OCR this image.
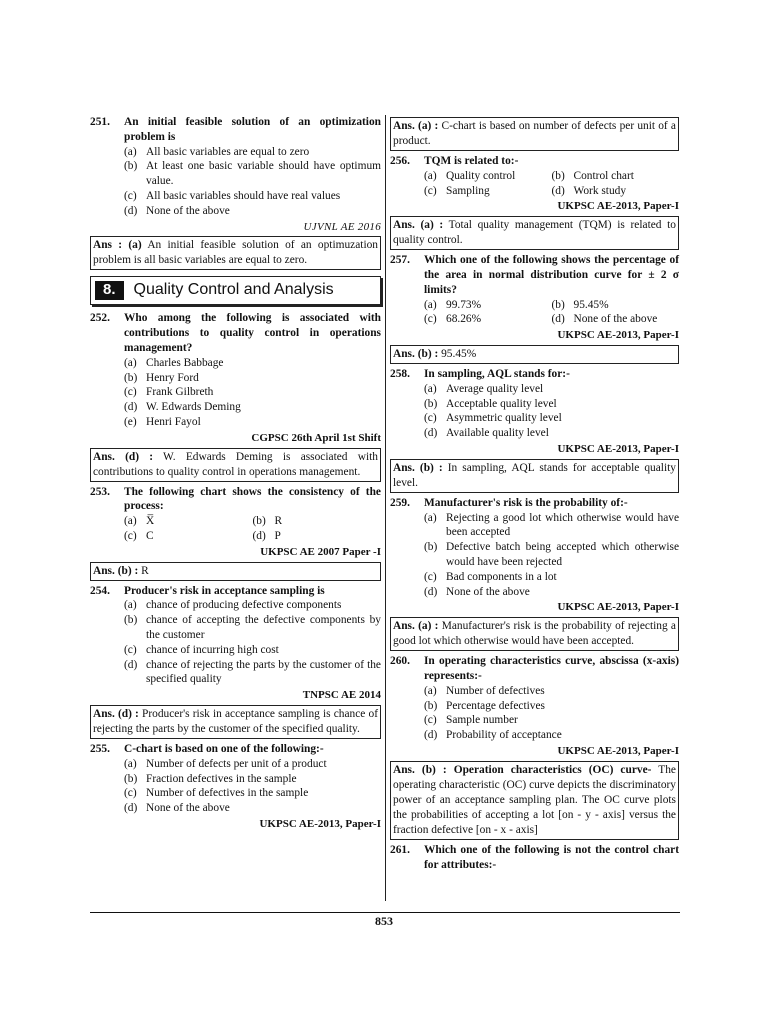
251. An initial feasible solution of an optimization problem is
(a) All basic variables are equal to zero
(b) At least one basic variable should have optimum value.
(c) All basic variables should have real values
(d) None of the above
UJVNL AE 2016
Ans : (a) An initial feasible solution of an optimuzation problem is all basic variables are equal to zero.
8.	Quality Control and Analysis
252. Who among the following is associated with contributions to quality control in operations management?
(a) Charles Babbage
(b) Henry Ford
(c) Frank Gilbreth
(d) W. Edwards Deming
(e) Henri Fayol
CGPSC 26th April 1st Shift
Ans. (d) : W. Edwards Deming is associated with contributions to quality control in operations management.
253. The following chart shows the consistency of the process:
(a) X̅	(b) R
(c) C	(d) P
UKPSC AE 2007 Paper -I
Ans. (b) : R
254. Producer's risk in acceptance sampling is
(a) chance of producing defective components
(b) chance of accepting the defective components by the customer
(c) chance of incurring high cost
(d) chance of rejecting the parts by the customer of the specified quality
TNPSC AE 2014
Ans. (d) : Producer's risk in acceptance sampling is chance of rejecting the parts by the customer of the specified quality.
255. C-chart is based on one of the following:-
(a) Number of defects per unit of a product
(b) Fraction defectives in the sample
(c) Number of defectives in the sample
(d) None of the above
UKPSC AE-2013, Paper-I
Ans. (a) : C-chart is based on number of defects per unit of a product.
256. TQM is related to:-
(a) Quality control	(b) Control chart
(c) Sampling	(d) Work study
UKPSC AE-2013, Paper-I
Ans. (a) : Total quality management (TQM) is related to quality control.
257. Which one of the following shows the percentage of the area in normal distribution curve for ± 2 σ limits?
(a) 99.73%	(b) 95.45%
(c) 68.26%	(d) None of the above
UKPSC AE-2013, Paper-I
Ans. (b) : 95.45%
258. In sampling, AQL stands for:-
(a) Average quality level
(b) Acceptable quality level
(c) Asymmetric quality level
(d) Available quality level
UKPSC AE-2013, Paper-I
Ans. (b) : In sampling, AQL stands for acceptable quality level.
259. Manufacturer's risk is the probability of:-
(a) Rejecting a good lot which otherwise would have been accepted
(b) Defective batch being accepted which otherwise would have been rejected
(c) Bad components in a lot
(d) None of the above
UKPSC AE-2013, Paper-I
Ans. (a) : Manufacturer's risk is the probability of rejecting a good lot which otherwise would have been accepted.
260. In operating characteristics curve, abscissa (x-axis) represents:-
(a) Number of defectives
(b) Percentage defectives
(c) Sample number
(d) Probability of acceptance
UKPSC AE-2013, Paper-I
Ans. (b) : Operation characteristics (OC) curve- The operating characteristic (OC) curve depicts the discriminatory power of an acceptance sampling plan. The OC curve plots the probabilities of accepting a lot [on - y - axis] versus the fraction defective [on - x - axis]
261. Which one of the following is not the control chart for attributes:-
853
